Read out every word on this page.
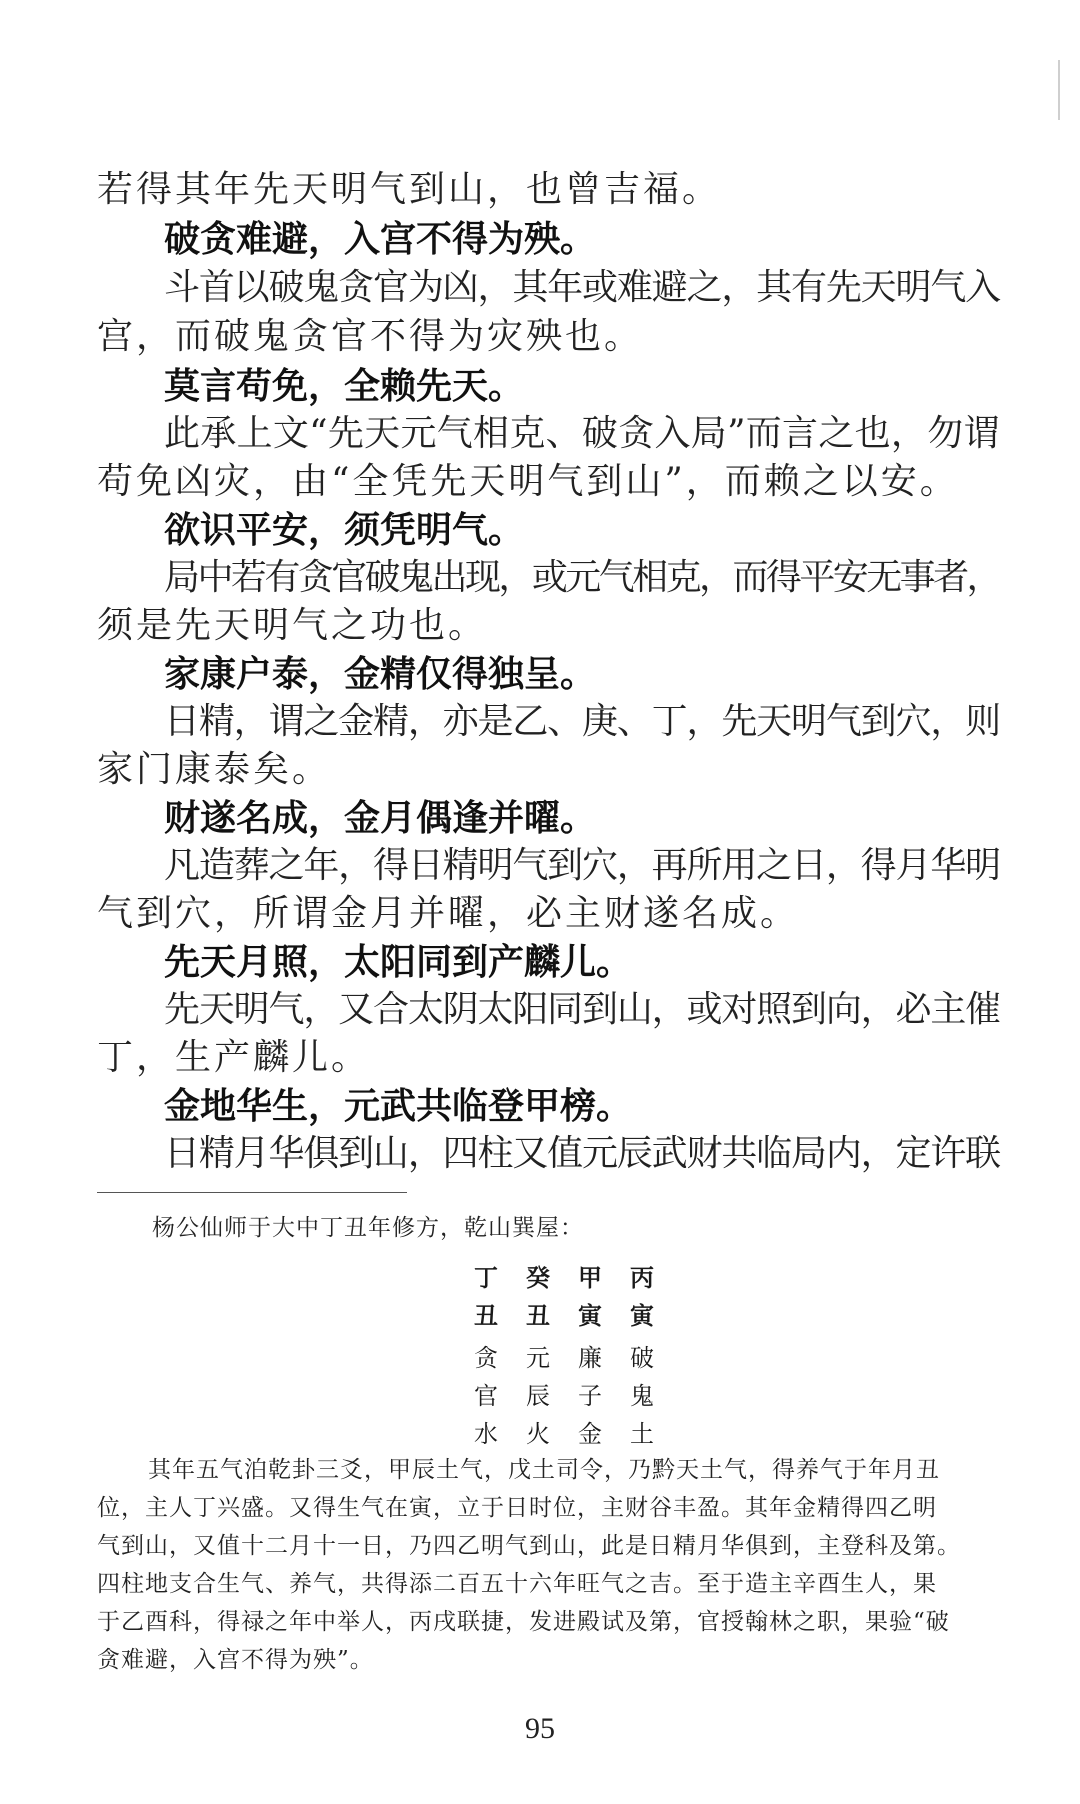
若得其年先天明气到山，也曾吉福。

破贪难避，入宫不得为殃。

斗首以破鬼贪官为凶，其年或难避之，其有先天明气入

宫，而破鬼贪官不得为灾殃也。

莫言苟免，全赖先天。

此承上文“先天元气相克、破贪入局”而言之也，勿谓

苟免凶灾，由“全凭先天明气到山”，而赖之以安。

欲识平安，须凭明气。

局中若有贪官破鬼出现，或元气相克，而得平安无事者，

须是先天明气之功也。

家康户泰，金精仅得独呈。

日精，谓之金精，亦是乙、庚、丁，先天明气到穴，则

家门康泰矣。

财遂名成，金月偶逢并曜。

凡造葬之年，得日精明气到穴，再所用之日，得月华明

气到穴，所谓金月并曜，必主财遂名成。

先天月照，太阳同到产麟儿。

先天明气，又合太阴太阳同到山，或对照到向，必主催

丁，生产麟儿。

金地华生，元武共临登甲榜。

日精月华俱到山，四柱又值元辰武财共临局内，定许联

杨公仙师于大中丁丑年修方，乾山巽屋：

丁	癸	甲	丙
丑	丑	寅	寅
贪	元	廉	破
官	辰	子	鬼
水	火	金	土

其年五气泊乾卦三爻，甲辰土气，戊土司令，乃黔天土气，得养气于年月丑

位，主人丁兴盛。又得生气在寅，立于日时位，主财谷丰盈。其年金精得四乙明

气到山，又值十二月十一日，乃四乙明气到山，此是日精月华俱到，主登科及第。

四柱地支合生气、养气，共得添二百五十六年旺气之吉。至于造主辛酉生人，果

于乙酉科，得禄之年中举人，丙戌联捷，发进殿试及第，官授翰林之职，果验“破

贪难避，入宫不得为殃”。

95
